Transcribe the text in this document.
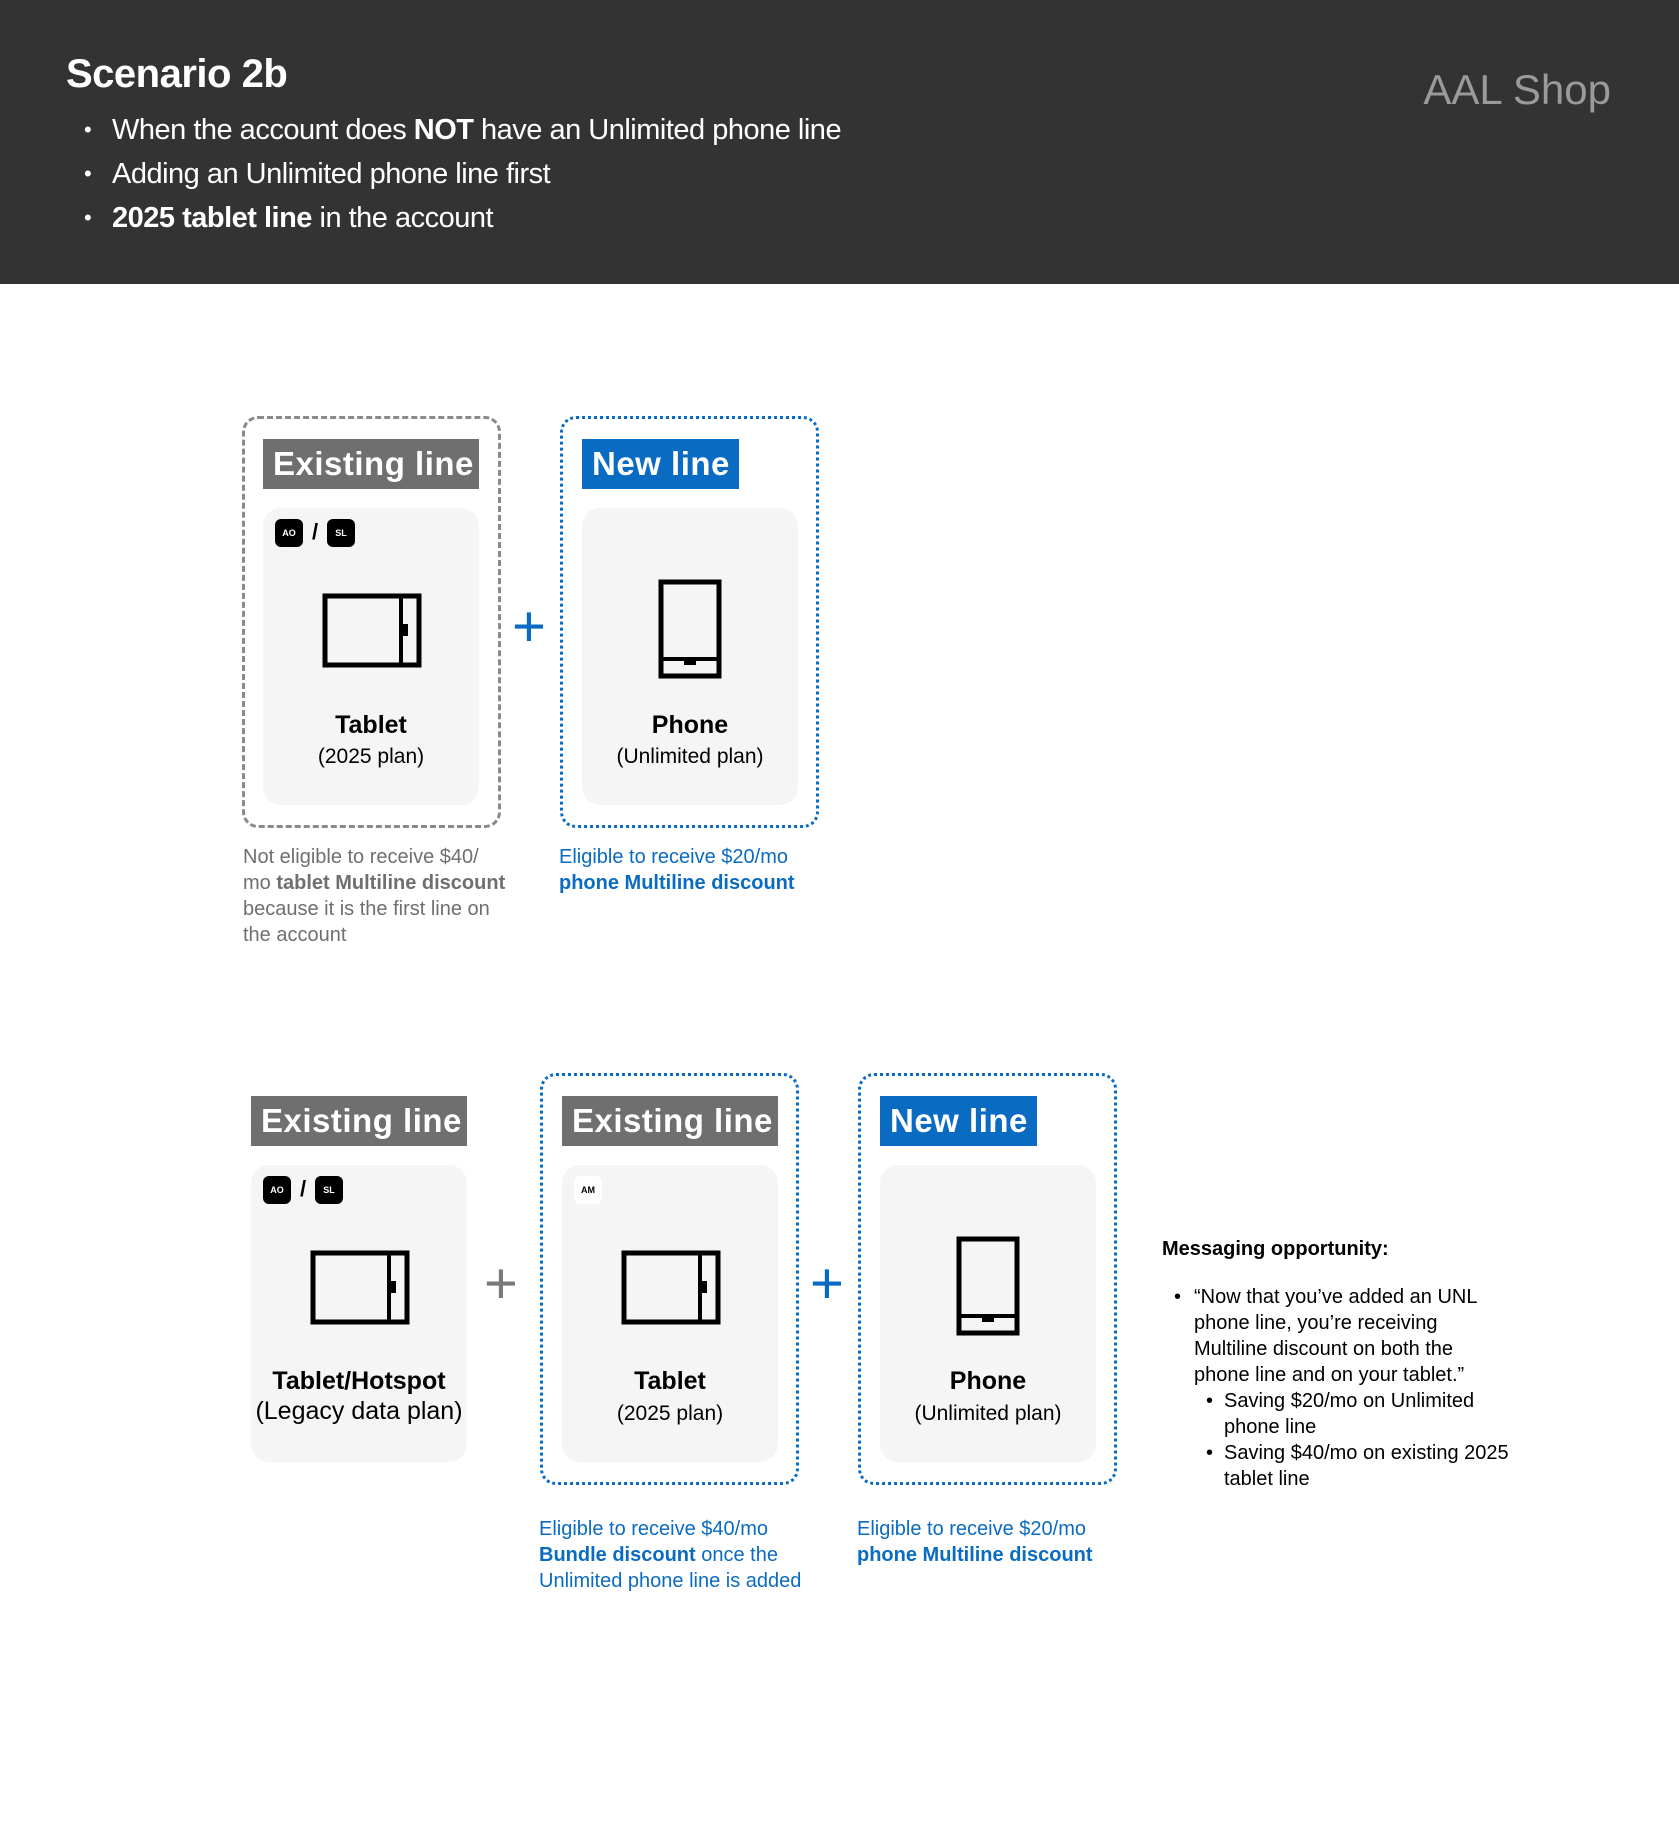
Scenario 2b	AAL Shop
• When the account does NOT have an Unlimited phone line
• Adding an Unlimited phone line first
• 2025 tablet line in the account
Existing line
AO /	SL
Tablet
(2025 plan)
Not eligible to receive $40/
mo tablet Multiline discount
because it is the first line on
the account
+
New line
Phone
(Unlimited plan)
Eligible to receive $20/mo
phone Multiline discount
Existing line
AO /	SL
Tablet/Hotspot
(Legacy data plan)
+
Existing line
AM
Tablet
(2025 plan)
Eligible to receive $40/mo
Bundle discount once the
Unlimited phone line is added
+
New line
Phone
(Unlimited plan)
Eligible to receive $20/mo
phone Multiline discount
Messaging opportunity:
• “Now that you’ve added an UNL phone line, you’re receiving Multiline discount on both the phone line and on your tablet.”
• Saving $20/mo on Unlimited phone line
• Saving $40/mo on existing 2025 tablet line
